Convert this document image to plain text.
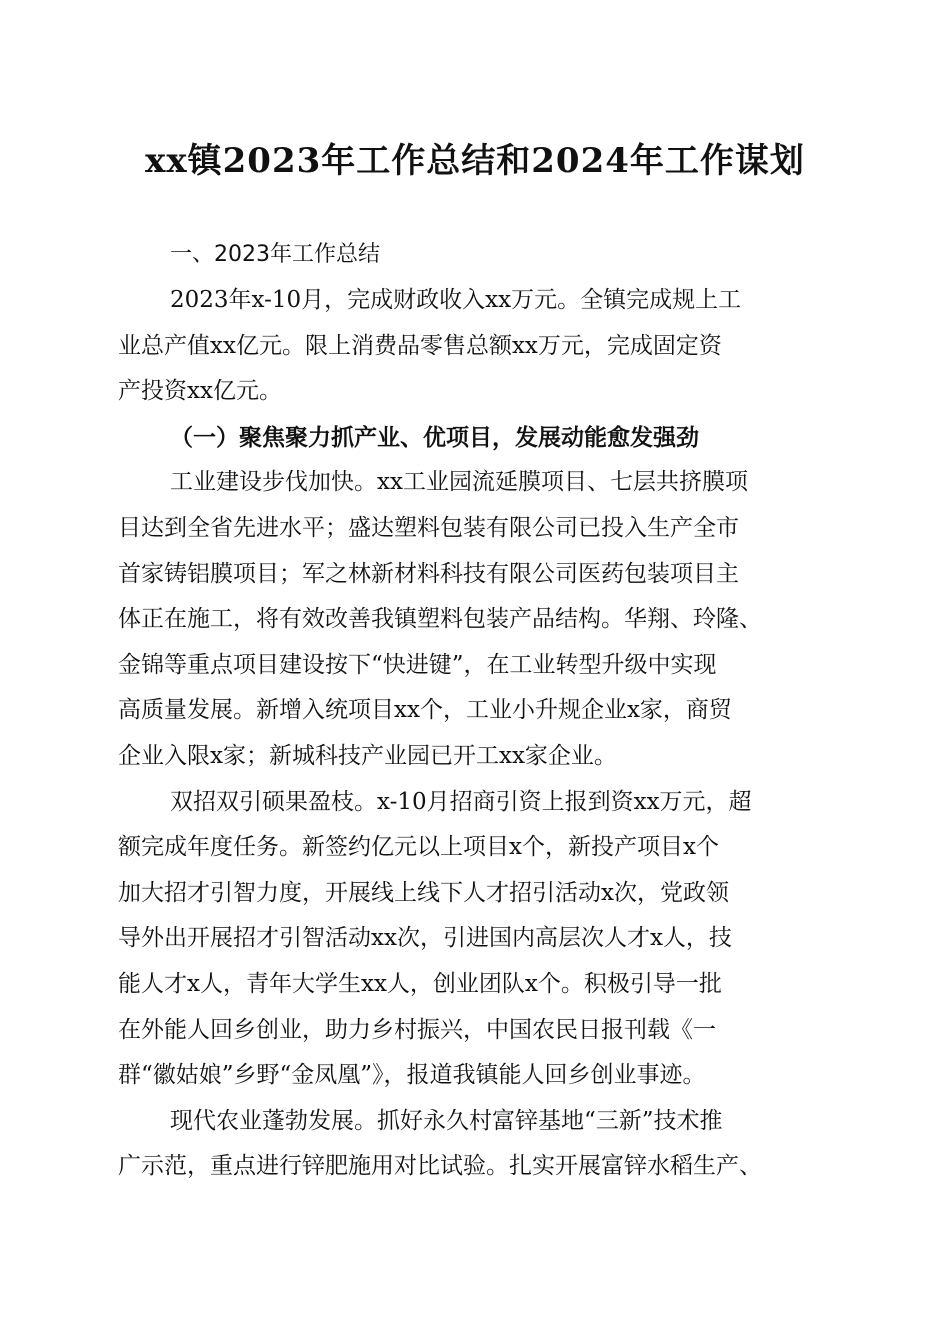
xx镇2023年工作总结和2024年工作谋划
一、2023年工作总结
2023年x-10月，完成财政收入xx万元。全镇完成规上工
业总产值xx亿元。限上消费品零售总额xx万元，完成固定资
产投资xx亿元。
（一）聚焦聚力抓产业、优项目，发展动能愈发强劲
工业建设步伐加快。xx工业园流延膜项目、七层共挤膜项
目达到全省先进水平；盛达塑料包装有限公司已投入生产全市
首家铸铝膜项目；军之林新材料科技有限公司医药包装项目主
体正在施工，将有效改善我镇塑料包装产品结构。华翔、玲隆、
金锦等重点项目建设按下“快进键”，在工业转型升级中实现
高质量发展。新增入统项目xx个，工业小升规企业x家，商贸
企业入限x家；新城科技产业园已开工xx家企业。
双招双引硕果盈枝。x-10月招商引资上报到资xx万元，超
额完成年度任务。新签约亿元以上项目x个，新投产项目x个
加大招才引智力度，开展线上线下人才招引活动x次，党政领
导外出开展招才引智活动xx次，引进国内高层次人才x人，技
能人才x人，青年大学生xx人，创业团队x个。积极引导一批
在外能人回乡创业，助力乡村振兴，中国农民日报刊载《一
群“徽姑娘”乡野“金凤凰”》，报道我镇能人回乡创业事迹。
现代农业蓬勃发展。抓好永久村富锌基地“三新”技术推
广示范，重点进行锌肥施用对比试验。扎实开展富锌水稻生产、
